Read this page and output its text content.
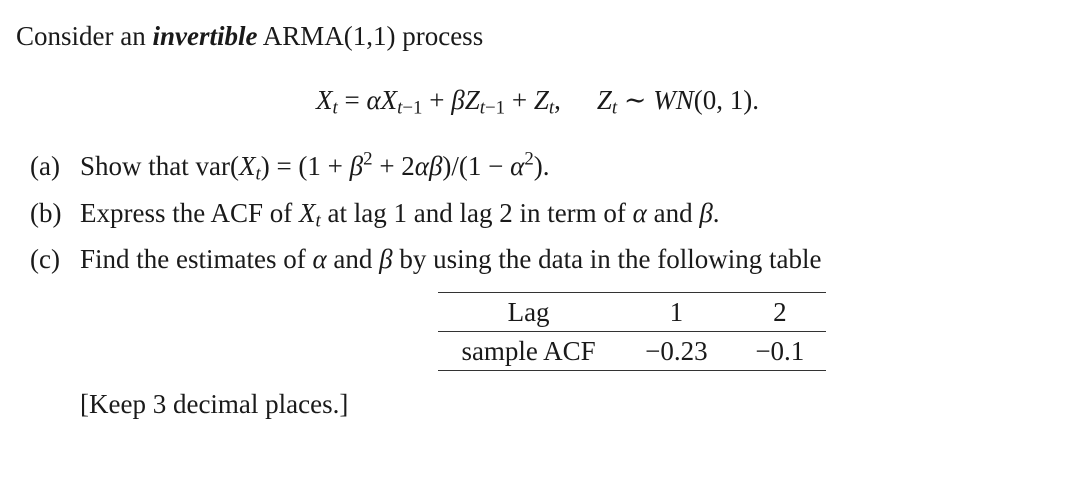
Consider an invertible ARMA(1,1) process
$X_t = \alpha X_{t-1} + \beta Z_{t-1} + Z_t$, $Z_t$ ∼ WN(0, 1).
(a) Show that $var(X_t) = (1 + \beta^2 + 2\alpha\beta)/(1 - \alpha^2)$.
(b) Express the ACF of $X_t$ at lag 1 and lag 2 in term of α and β.
(c) Find the estimates of α and β by using the data in the following table
Lag	1	2
sample ACF	−0.23	−0.1
[Keep 3 decimal places.]
